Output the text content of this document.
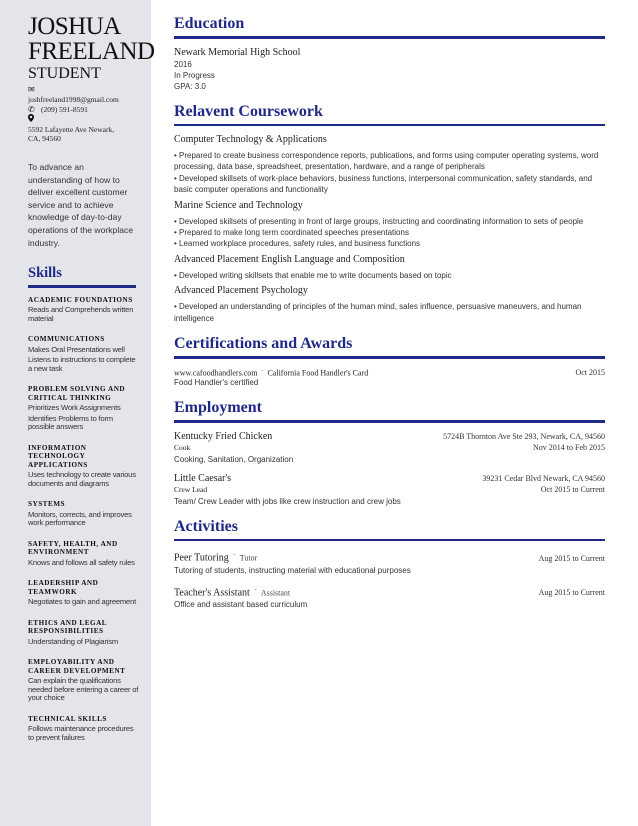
JOSHUA
FREELAND
STUDENT
✉
joshfreeland1998@gmail.com
✆ (209) 591-8591
5592 Lafayette Ave Newark, CA, 94560
To advance an understanding of how to deliver excellent customer service and to achieve knowledge of day-to-day operations of the workplace industry.
Skills
ACADEMIC FOUNDATIONS
Reads and Comprehends written material
COMMUNICATIONS
Makes Oral Presentations well
Listens to instructions to complete a new task
PROBLEM SOLVING AND CRITICAL THINKING
Prioritizes Work Assignments
Identifies Problems to form possible answers
INFORMATION TECHNOLOGY APPLICATIONS
Uses technology to create various documents and diagrams
SYSTEMS
Monitors, corrects, and improves work performance
SAFETY, HEALTH, AND ENVIRONMENT
Knows and follows all safety rules
LEADERSHIP AND TEAMWORK
Negotiates to gain and agreement
ETHICS AND LEGAL RESPONSIBILITIES
Understanding of Plagiarism
EMPLOYABILITY AND CAREER DEVELOPMENT
Can explain the qualifications needed before entering a career of your choice
TECHNICAL SKILLS
Follows maintenance procedures to prevent failures
Education
Newark Memorial High School
2016
In Progress
GPA: 3.0
Relavent Coursework
Computer Technology & Applications
• Prepared to create business correspondence reports, publications, and forms using computer operating systems, word processing, data base, spreadsheet, presentation, hardware, and a range of peripherals
• Developed skillsets of work-place behaviors, business functions, interpersonal communication, safety standards, and basic computer operations and functionality
Marine Science and Technology
• Developed skillsets of presenting in front of large groups, instructing and coordinating information to sets of people
• Prepared to make long term coordinated speeches presentations
• Learned workplace procedures, safety rules, and business functions
Advanced Placement English Language and Composition
• Developed writing skillsets that enable me to write documents based on topic
Advanced Placement Psychology
• Developed an understanding of principles of the human mind, sales influence, persuasive maneuvers, and human intelligence
Certifications and Awards
www.cafoodhandlers.com - California Food Handler's Card	Oct 2015
Food Handler's certified
Employment
Kentucky Fried Chicken	5724B Thornton Ave Ste 293, Newark, CA, 94560
Cook	Nov 2014 to Feb 2015
Cooking, Sanitation, Organization
Little Caesar's	39231 Cedar Blvd Newark, CA 94560
Crew Lead	Oct 2015 to Current
Team/ Crew Leader with jobs like crew instruction and crew jobs
Activities
Peer Tutoring - Tutor	Aug 2015 to Current
Tutoring of students, instructing material with educational purposes
Teacher's Assistant - Assistant	Aug 2015 to Current
Office and assistant based curriculum
